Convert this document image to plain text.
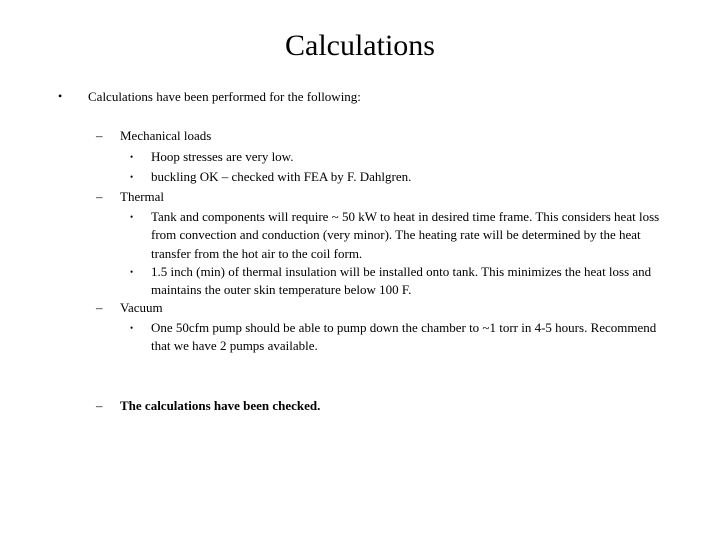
Calculations
• Calculations have been performed for the following:
– Mechanical loads
• Hoop stresses are very low.
• buckling OK – checked with FEA by F. Dahlgren.
– Thermal
• Tank and components will require ~ 50 kW to heat in desired time frame. This considers heat loss from convection and conduction (very minor). The heating rate will be determined by the heat transfer from the hot air to the coil form.
• 1.5 inch (min) of thermal insulation will be installed onto tank. This minimizes the heat loss and maintains the outer skin temperature below 100 F.
– Vacuum
• One 50cfm pump should be able to pump down the chamber to ~1 torr in 4-5 hours. Recommend that we have 2 pumps available.
– The calculations have been checked.
